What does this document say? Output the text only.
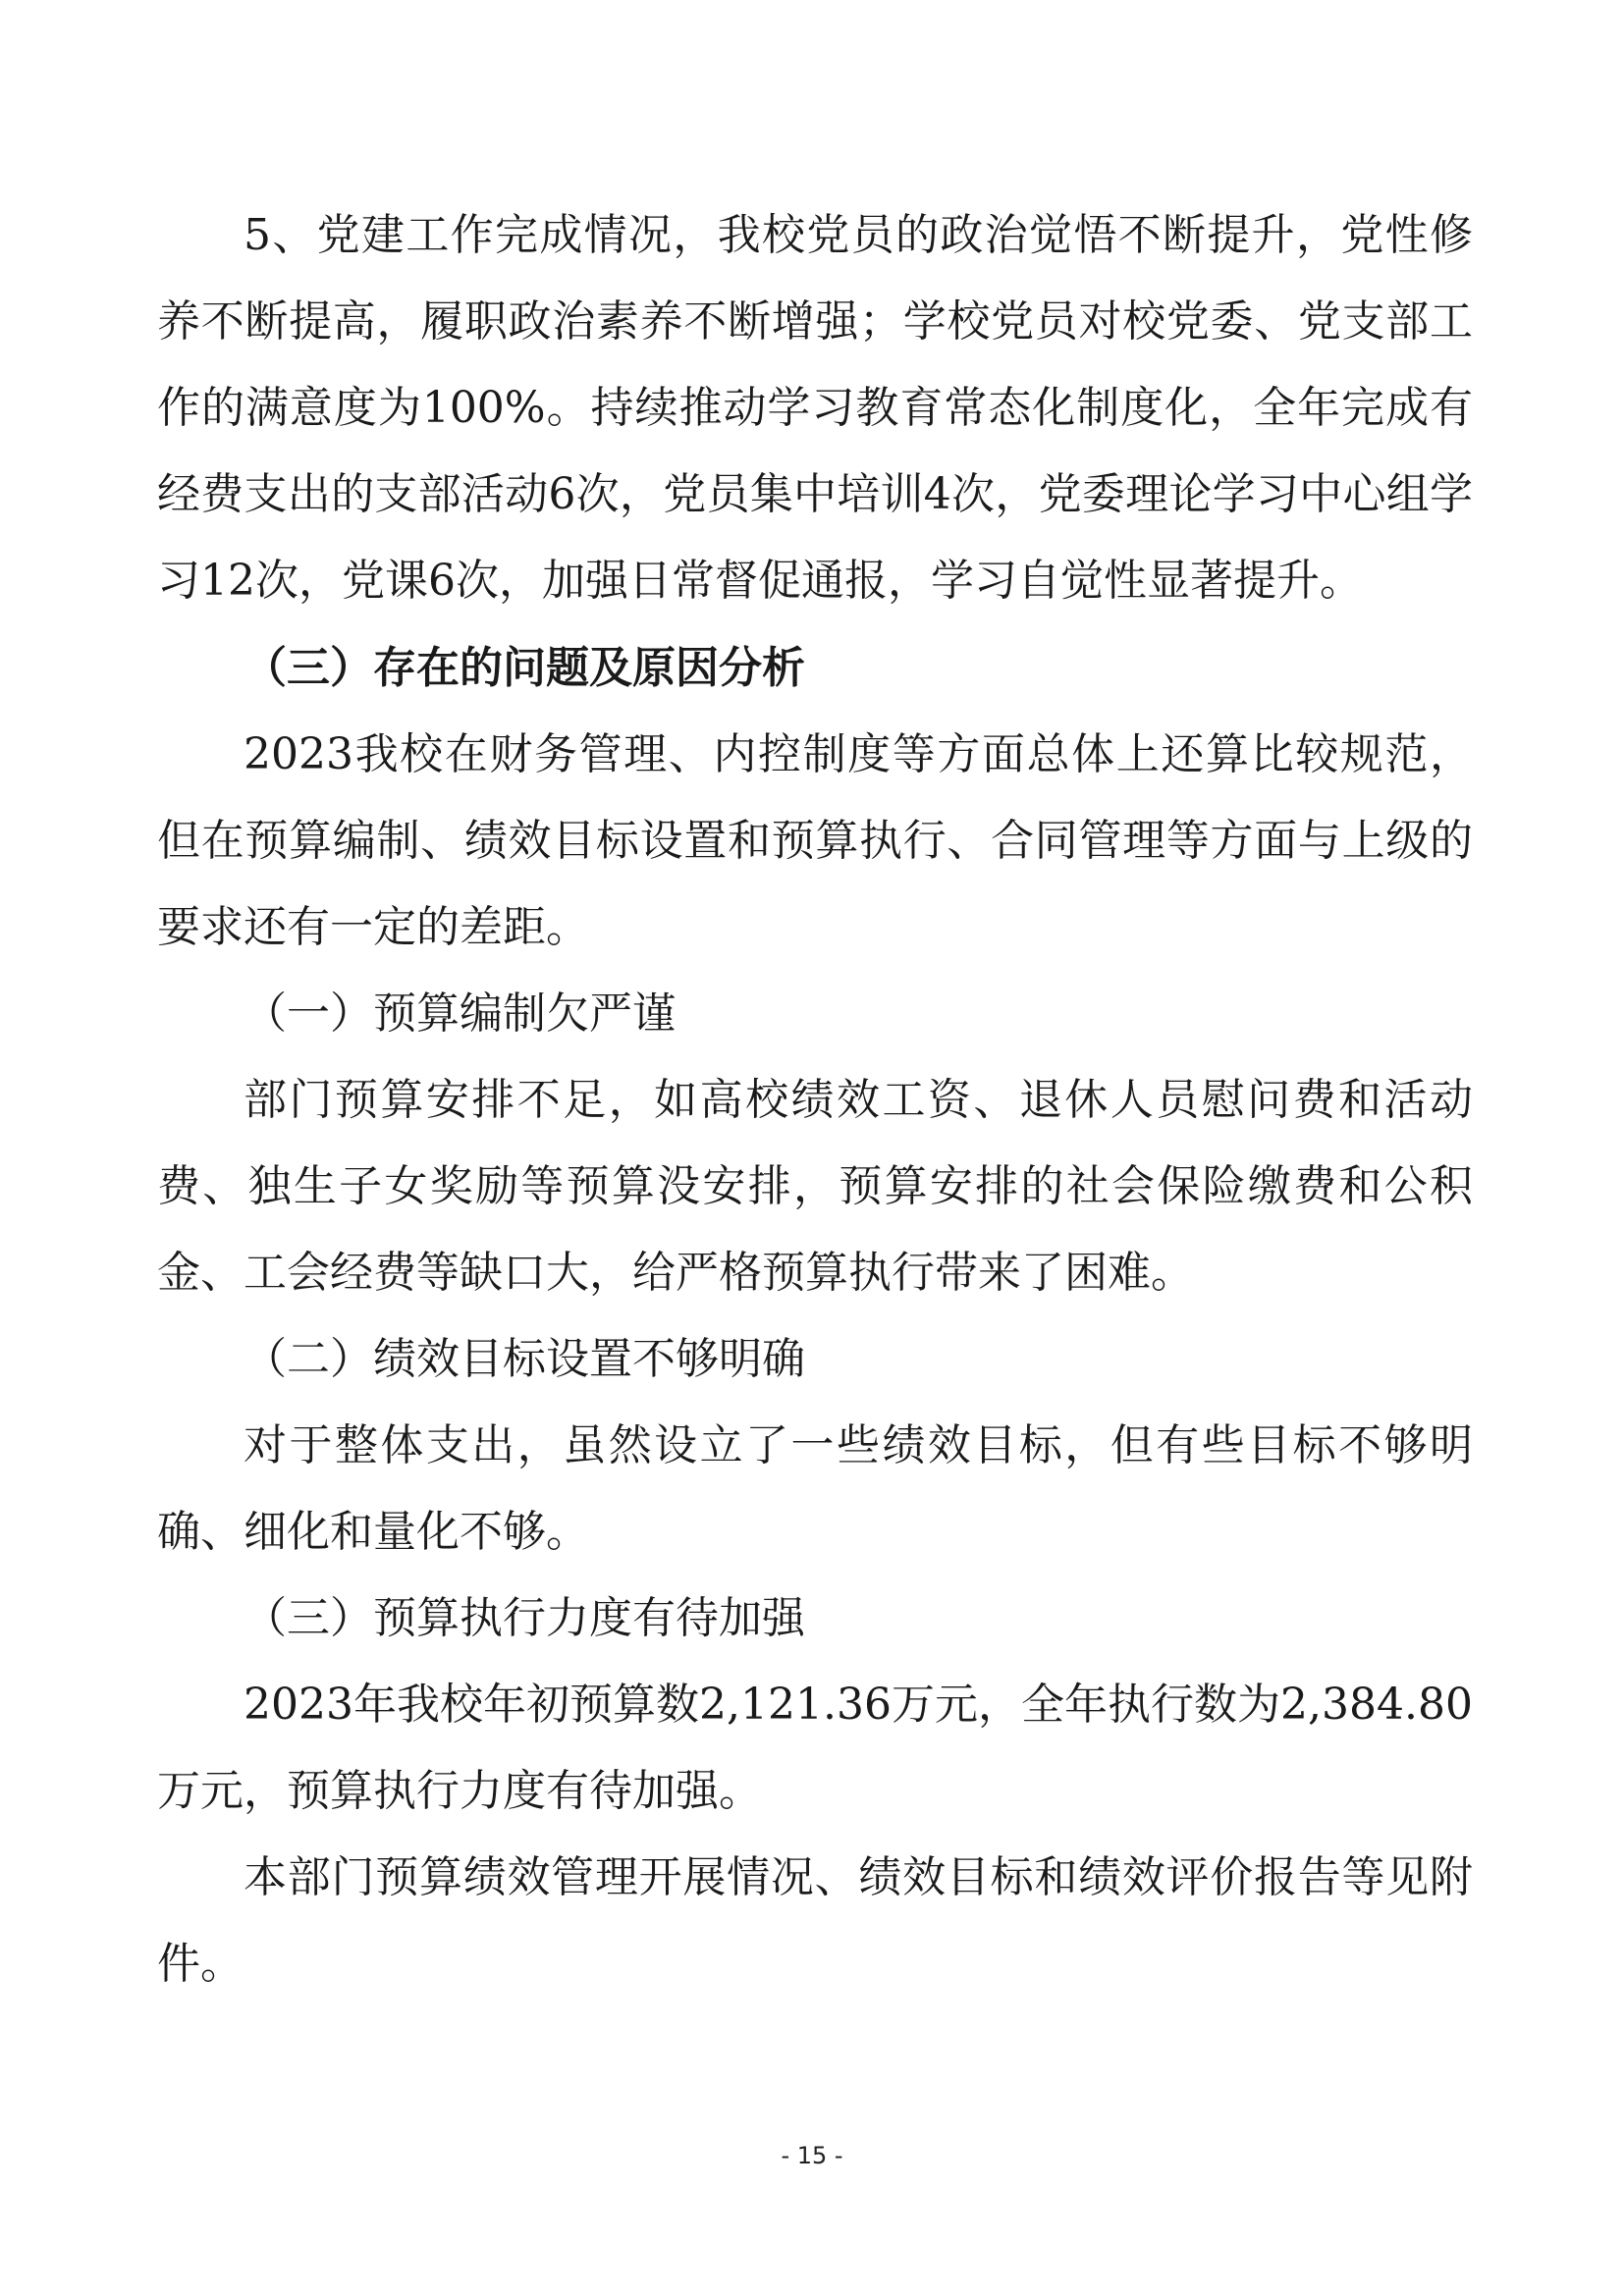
5、党建工作完成情况，我校党员的政治觉悟不断提升，党性修养不断提高，履职政治素养不断增强；学校党员对校党委、党支部工作的满意度为100%。持续推动学习教育常态化制度化，全年完成有经费支出的支部活动6次，党员集中培训4次，党委理论学习中心组学习12次，党课6次，加强日常督促通报，学习自觉性显著提升。

（三）存在的问题及原因分析

2023我校在财务管理、内控制度等方面总体上还算比较规范，但在预算编制、绩效目标设置和预算执行、合同管理等方面与上级的要求还有一定的差距。

（一）预算编制欠严谨

部门预算安排不足，如高校绩效工资、退休人员慰问费和活动费、独生子女奖励等预算没安排，预算安排的社会保险缴费和公积金、工会经费等缺口大，给严格预算执行带来了困难。

（二）绩效目标设置不够明确

对于整体支出，虽然设立了一些绩效目标，但有些目标不够明确、细化和量化不够。

（三）预算执行力度有待加强

2023年我校年初预算数2,121.36万元，全年执行数为2,384.80万元，预算执行力度有待加强。

本部门预算绩效管理开展情况、绩效目标和绩效评价报告等见附件。

- 15 -
